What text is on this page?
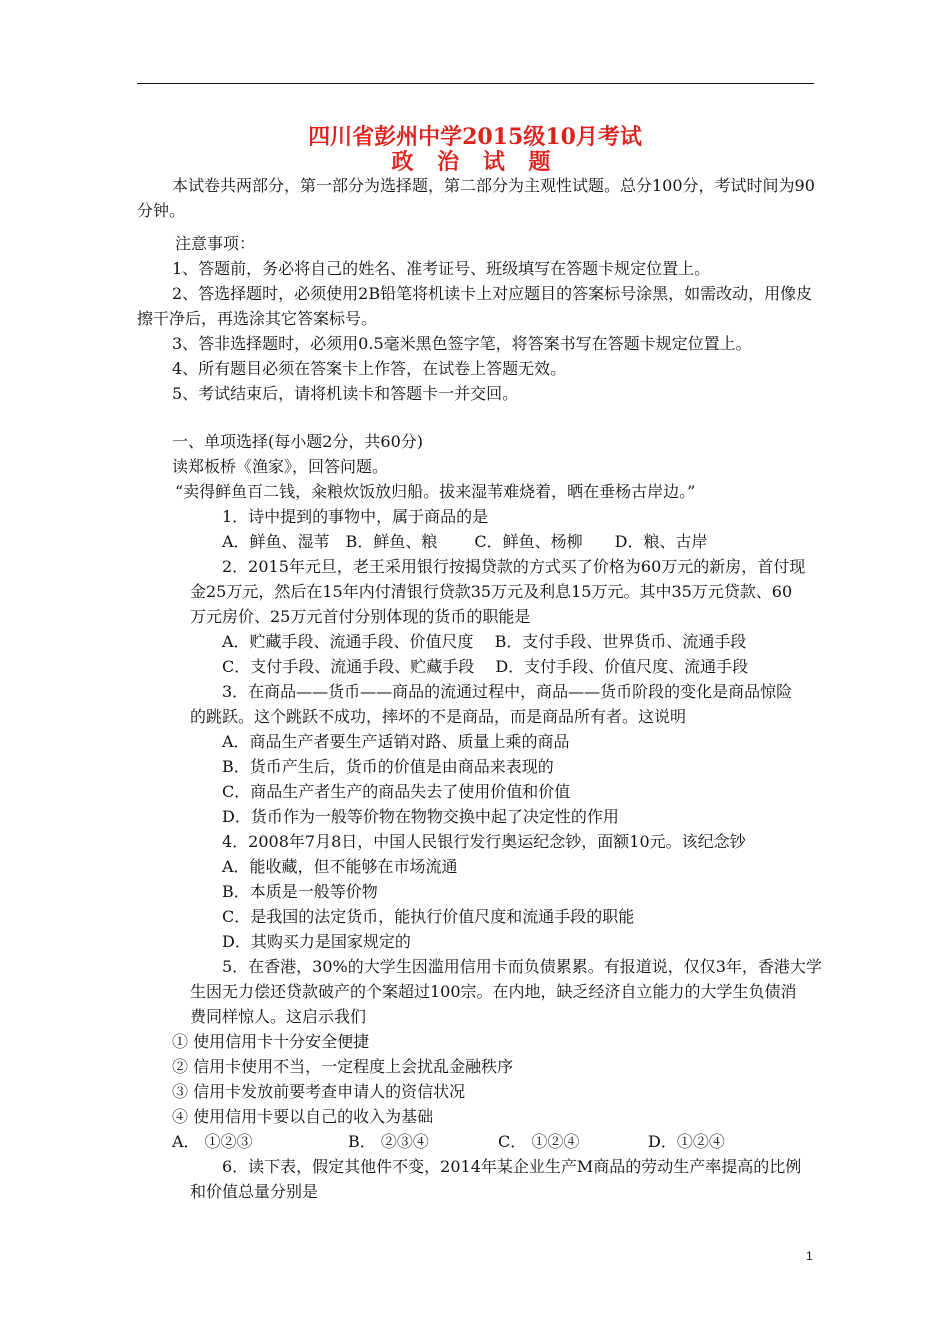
四川省彭州中学2015级10月考试
政 治 试 题
本试卷共两部分，第一部分为选择题，第二部分为主观性试题。总分100分，考试时间为90
分钟。
注意事项：
1、答题前，务必将自己的姓名、准考证号、班级填写在答题卡规定位置上。
2、答选择题时，必须使用2B铅笔将机读卡上对应题目的答案标号涂黑，如需改动，用像皮
擦干净后，再选涂其它答案标号。
3、答非选择题时，必须用0.5毫米黑色签字笔，将答案书写在答题卡规定位置上。
4、所有题目必须在答案卡上作答，在试卷上答题无效。
5、考试结束后，请将机读卡和答题卡一并交回。
一、单项选择(每小题2分，共60分)
读郑板桥《渔家》，回答问题。
“卖得鲜鱼百二钱，籴粮炊饭放归船。拔来湿苇难烧着，晒在垂杨古岸边。”
1．诗中提到的事物中，属于商品的是
A．鲜鱼、湿苇　B．鲜鱼、粮　　 C．鲜鱼、杨柳　　D．粮、古岸
2．2015年元旦，老王采用银行按揭贷款的方式买了价格为60万元的新房，首付现
金25万元，然后在15年内付清银行贷款35万元及利息15万元。其中35万元贷款、60
万元房价、25万元首付分别体现的货币的职能是
A．贮藏手段、流通手段、价值尺度　 B．支付手段、世界货币、流通手段
C．支付手段、流通手段、贮藏手段　 D．支付手段、价值尺度、流通手段
3．在商品——货币——商品的流通过程中，商品——货币阶段的变化是商品惊险
的跳跃。这个跳跃不成功，摔坏的不是商品，而是商品所有者。这说明
A．商品生产者要生产适销对路、质量上乘的商品
B．货币产生后，货币的价值是由商品来表现的
C．商品生产者生产的商品失去了使用价值和价值
D．货币作为一般等价物在物物交换中起了决定性的作用
4．2008年7月8日，中国人民银行发行奥运纪念钞，面额10元。该纪念钞
A．能收藏，但不能够在市场流通
B．本质是一般等价物
C．是我国的法定货币，能执行价值尺度和流通手段的职能
D．其购买力是国家规定的
5．在香港，30%的大学生因滥用信用卡而负债累累。有报道说，仅仅3年，香港大学
生因无力偿还贷款破产的个案超过100宗。在内地，缺乏经济自立能力的大学生负债消
费同样惊人。这启示我们
① 使用信用卡十分安全便捷
② 信用卡使用不当，一定程度上会扰乱金融秩序
③ 信用卡发放前要考查申请人的资信状况
④ 使用信用卡要以自己的收入为基础
A． ①②③	B． ②③④	C． ①②④	D．①②④
6．读下表，假定其他件不变，2014年某企业生产M商品的劳动生产率提高的比例
和价值总量分别是
1
